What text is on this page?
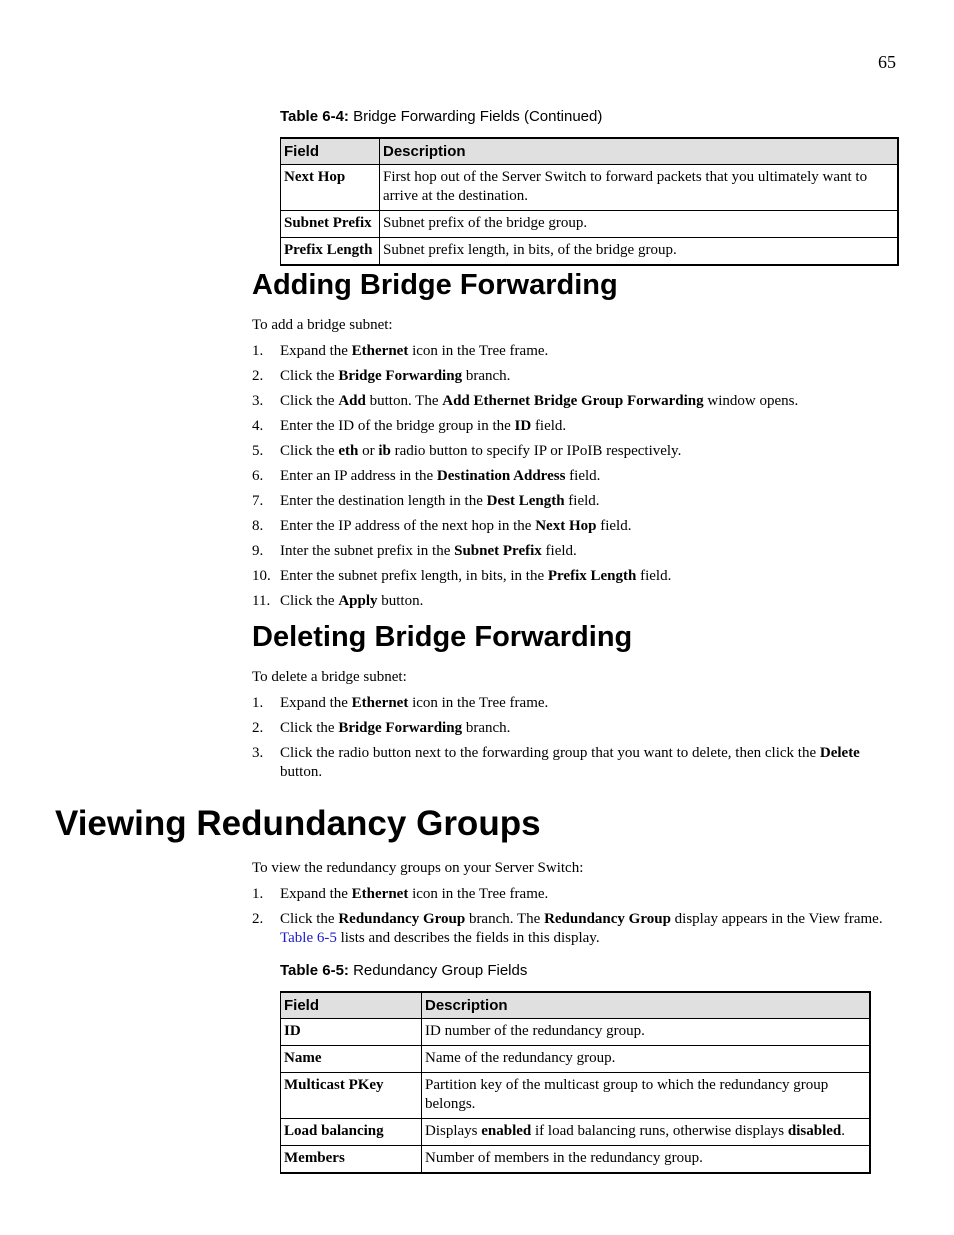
65
Table 6-4: Bridge Forwarding Fields (Continued)
Field	Description
Next Hop	First hop out of the Server Switch to forward packets that you ultimately want to arrive at the destination.
Subnet Prefix	Subnet prefix of the bridge group.
Prefix Length	Subnet prefix length, in bits, of the bridge group.
Adding Bridge Forwarding
To add a bridge subnet:
1. Expand the Ethernet icon in the Tree frame.
2. Click the Bridge Forwarding branch.
3. Click the Add button. The Add Ethernet Bridge Group Forwarding window opens.
4. Enter the ID of the bridge group in the ID field.
5. Click the eth or ib radio button to specify IP or IPoIB respectively.
6. Enter an IP address in the Destination Address field.
7. Enter the destination length in the Dest Length field.
8. Enter the IP address of the next hop in the Next Hop field.
9. Inter the subnet prefix in the Subnet Prefix field.
10. Enter the subnet prefix length, in bits, in the Prefix Length field.
11. Click the Apply button.
Deleting Bridge Forwarding
To delete a bridge subnet:
1. Expand the Ethernet icon in the Tree frame.
2. Click the Bridge Forwarding branch.
3. Click the radio button next to the forwarding group that you want to delete, then click the Delete button.
Viewing Redundancy Groups
To view the redundancy groups on your Server Switch:
1. Expand the Ethernet icon in the Tree frame.
2. Click the Redundancy Group branch. The Redundancy Group display appears in the View frame. Table 6-5 lists and describes the fields in this display.
Table 6-5: Redundancy Group Fields
Field	Description
ID	ID number of the redundancy group.
Name	Name of the redundancy group.
Multicast PKey	Partition key of the multicast group to which the redundancy group belongs.
Load balancing	Displays enabled if load balancing runs, otherwise displays disabled.
Members	Number of members in the redundancy group.
